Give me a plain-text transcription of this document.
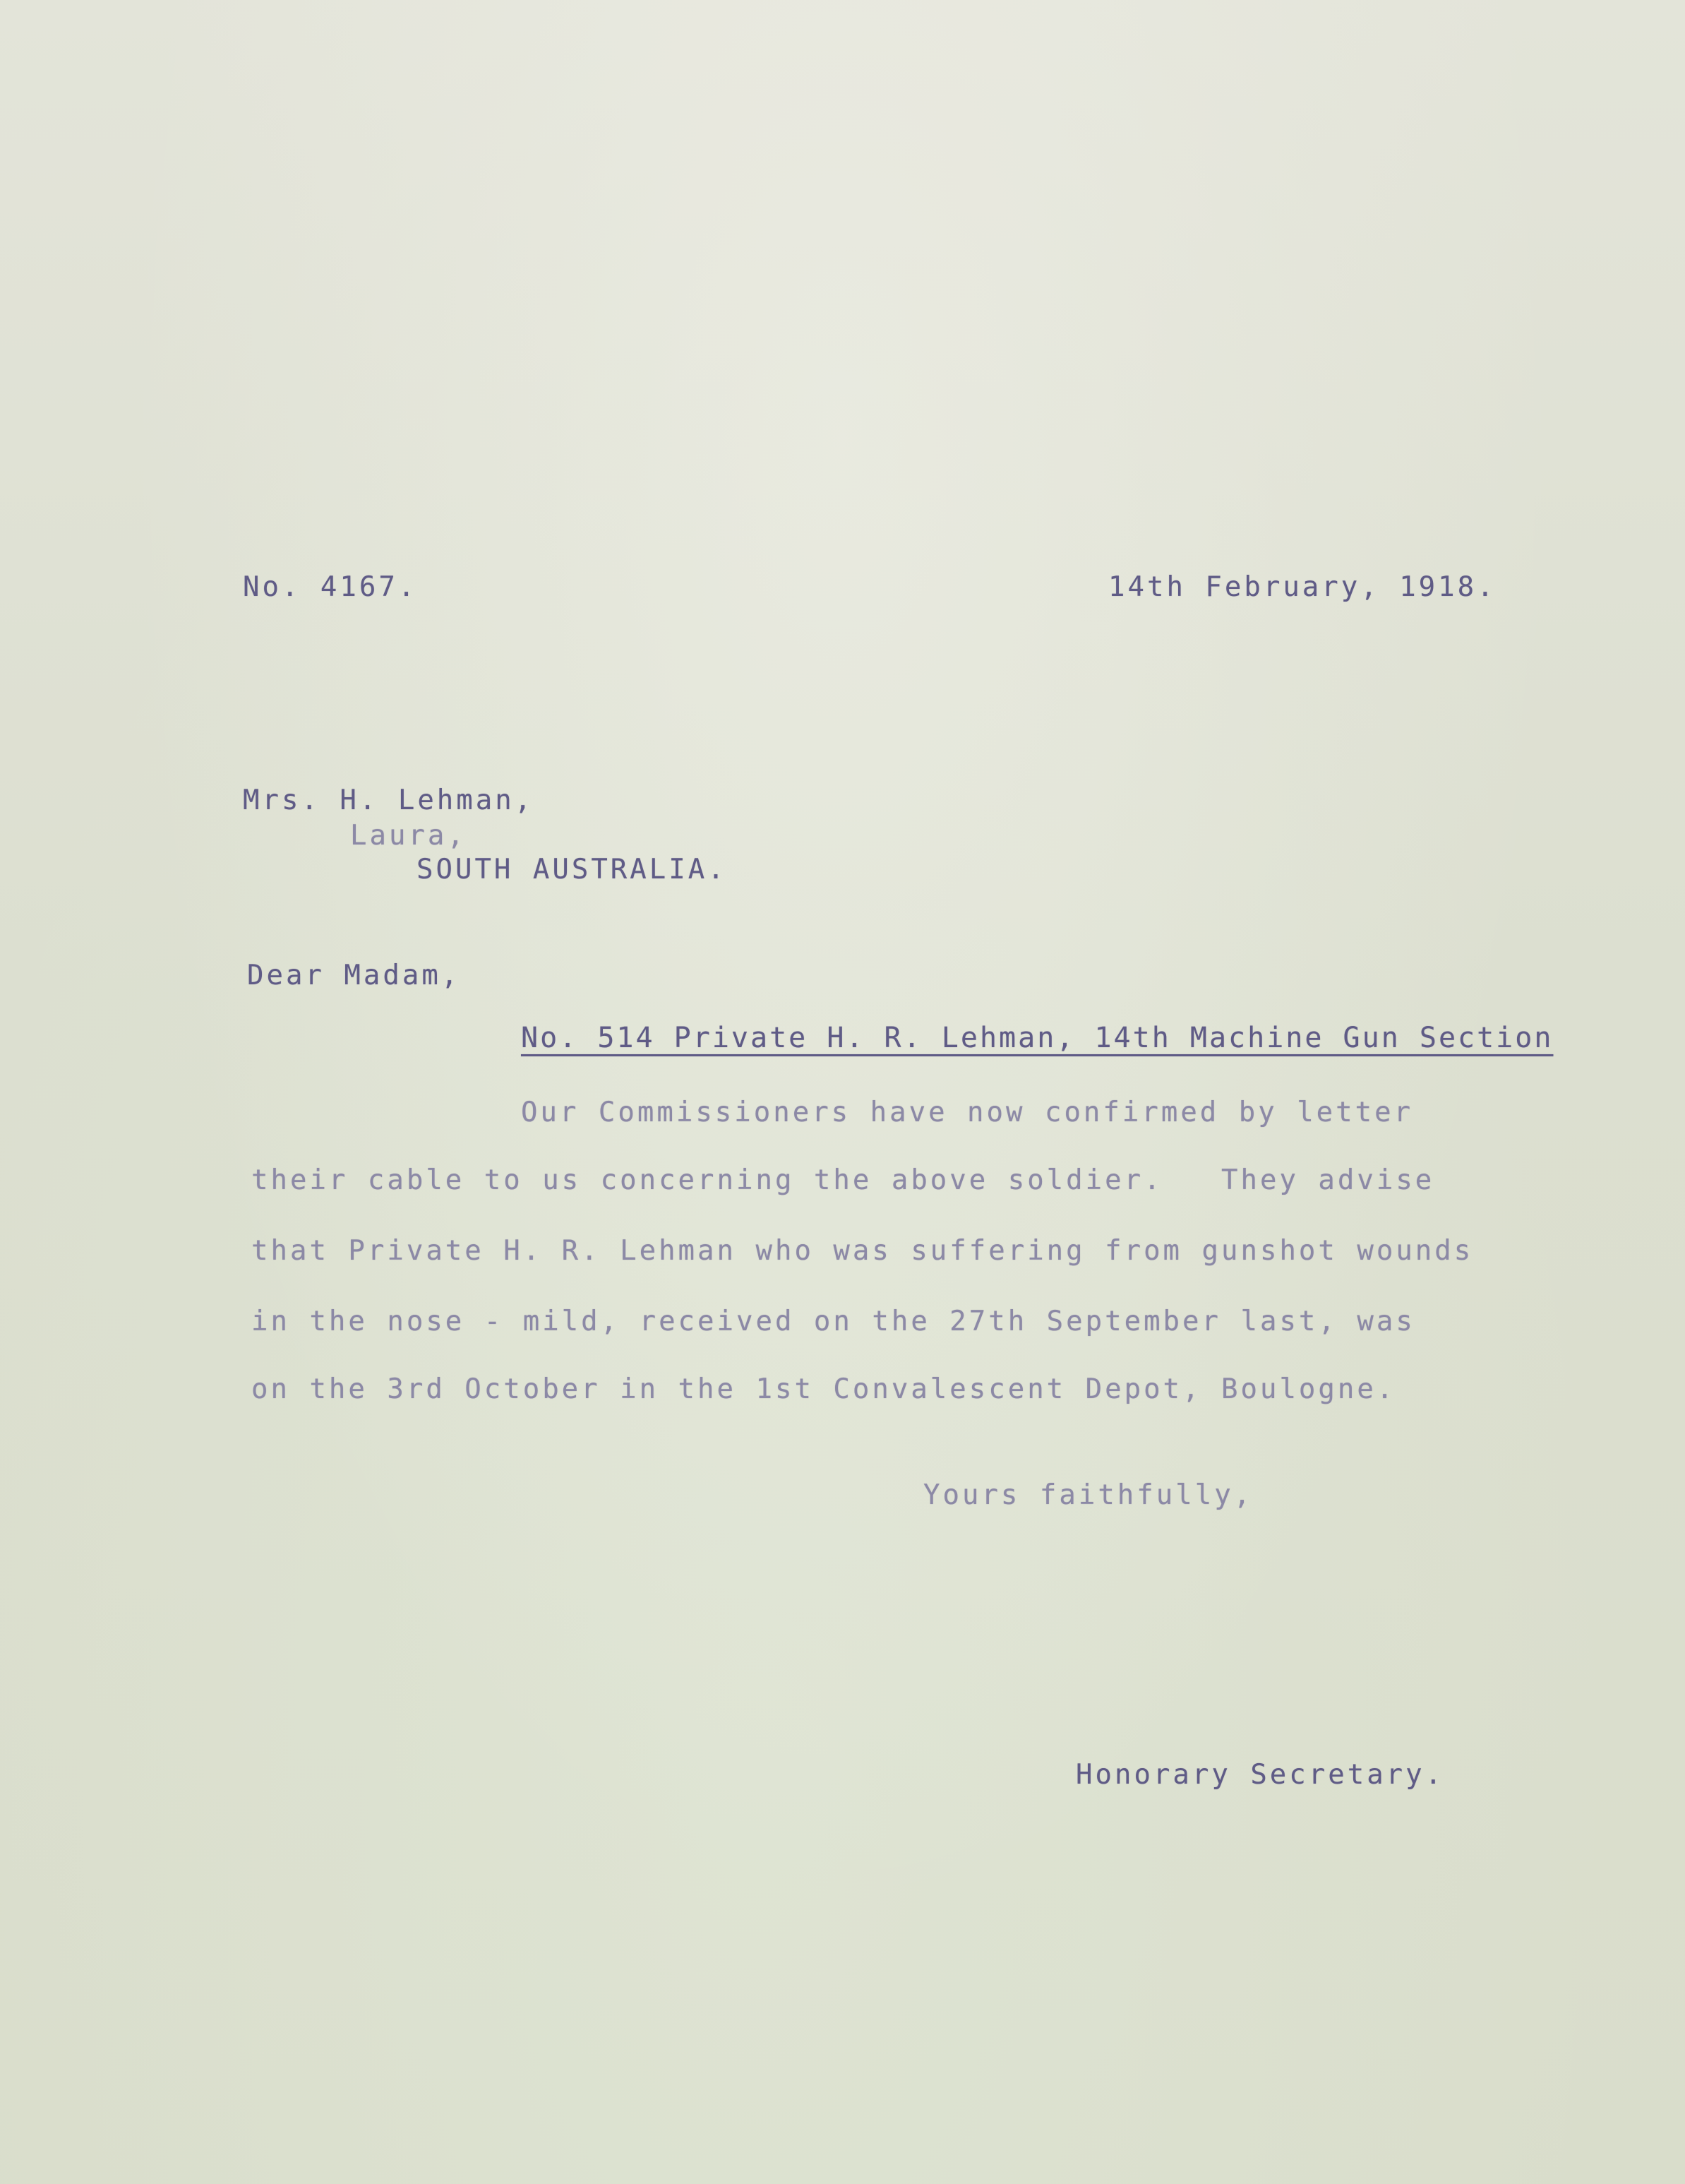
No. 4167.	14th February, 1918.
Mrs. H. Lehman,
Laura,
SOUTH AUSTRALIA.
Dear Madam,
No. 514 Private H. R. Lehman, 14th Machine Gun Section
Our Commissioners have now confirmed by letter
their cable to us concerning the above soldier.   They advise
that Private H. R. Lehman who was suffering from gunshot wounds
in the nose - mild, received on the 27th September last, was
on the 3rd October in the 1st Convalescent Depot, Boulogne.
Yours faithfully,
Honorary Secretary.
